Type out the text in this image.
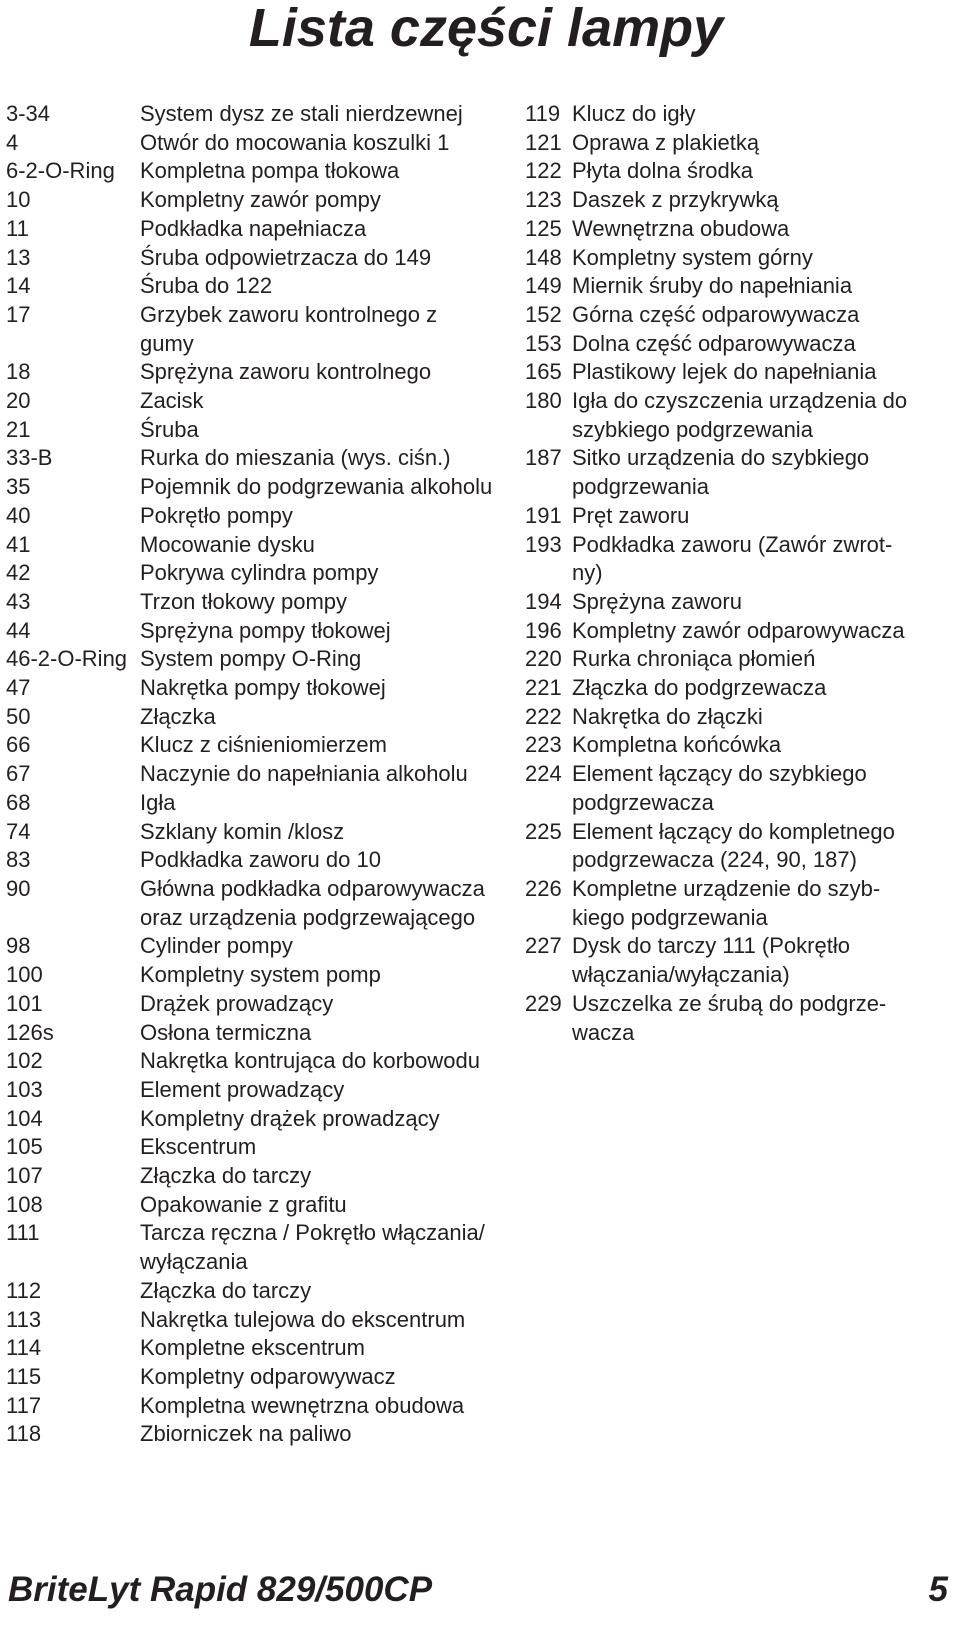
Lista części lampy
3-34	System dysz ze stali nierdzewnej
4	Otwór do mocowania koszulki 1
6-2-O-Ring	Kompletna pompa tłokowa
10	Kompletny zawór pompy
11	Podkładka napełniacza
13	Śruba odpowietrzacza do 149
14	Śruba do 122
17	Grzybek zaworu kontrolnego z
gumy
18	Sprężyna zaworu kontrolnego
20	Zacisk
21	Śruba
33-B	Rurka do mieszania (wys. ciśn.)
35	Pojemnik do podgrzewania alkoholu
40	Pokrętło pompy
41	Mocowanie dysku
42	Pokrywa cylindra pompy
43	Trzon tłokowy pompy
44	Sprężyna pompy tłokowej
46-2-O-Ring System pompy O-Ring
47	Nakrętka pompy tłokowej
50	Złączka
66	Klucz z ciśnieniomierzem
67	Naczynie do napełniania alkoholu
68	Igła
74	Szklany komin /klosz
83	Podkładka zaworu do 10
90	Główna podkładka odparowywacza
oraz urządzenia podgrzewającego
98	Cylinder pompy
100	Kompletny system pomp
101	Drążek prowadzący
126s	Osłona termiczna
102	Nakrętka kontrująca do korbowodu
103	Element prowadzący
104	Kompletny drążek prowadzący
105	Ekscentrum
107	Złączka do tarczy
108	Opakowanie z grafitu
111	Tarcza ręczna / Pokrętło włączania/
wyłączania
112	Złączka do tarczy
113	Nakrętka tulejowa do ekscentrum
114	Kompletne ekscentrum
115	Kompletny odparowywacz
117	Kompletna wewnętrzna obudowa
118	Zbiorniczek na paliwo
119 Klucz do igły
121 Oprawa z plakietką
122 Płyta dolna środka
123 Daszek z przykrywką
125 Wewnętrzna obudowa
148 Kompletny system górny
149 Miernik śruby do napełniania
152 Górna część odparowywacza
153 Dolna część odparowywacza
165 Plastikowy lejek do napełniania
180 Igła do czyszczenia urządzenia do
szybkiego podgrzewania
187 Sitko urządzenia do szybkiego
podgrzewania
191 Pręt zaworu
193 Podkładka zaworu (Zawór zwrot-
ny)
194 Sprężyna zaworu
196 Kompletny zawór odparowywacza
220 Rurka chroniąca płomień
221 Złączka do podgrzewacza
222 Nakrętka do złączki
223 Kompletna końcówka
224 Element łączący do szybkiego
podgrzewacza
225 Element łączący do kompletnego
podgrzewacza (224, 90, 187)
226 Kompletne urządzenie do szyb-
kiego podgrzewania
227 Dysk do tarczy 111 (Pokrętło
włączania/wyłączania)
229 Uszczelka ze śrubą do podgrze-
wacza
BriteLyt Rapid 829/500CP	5
